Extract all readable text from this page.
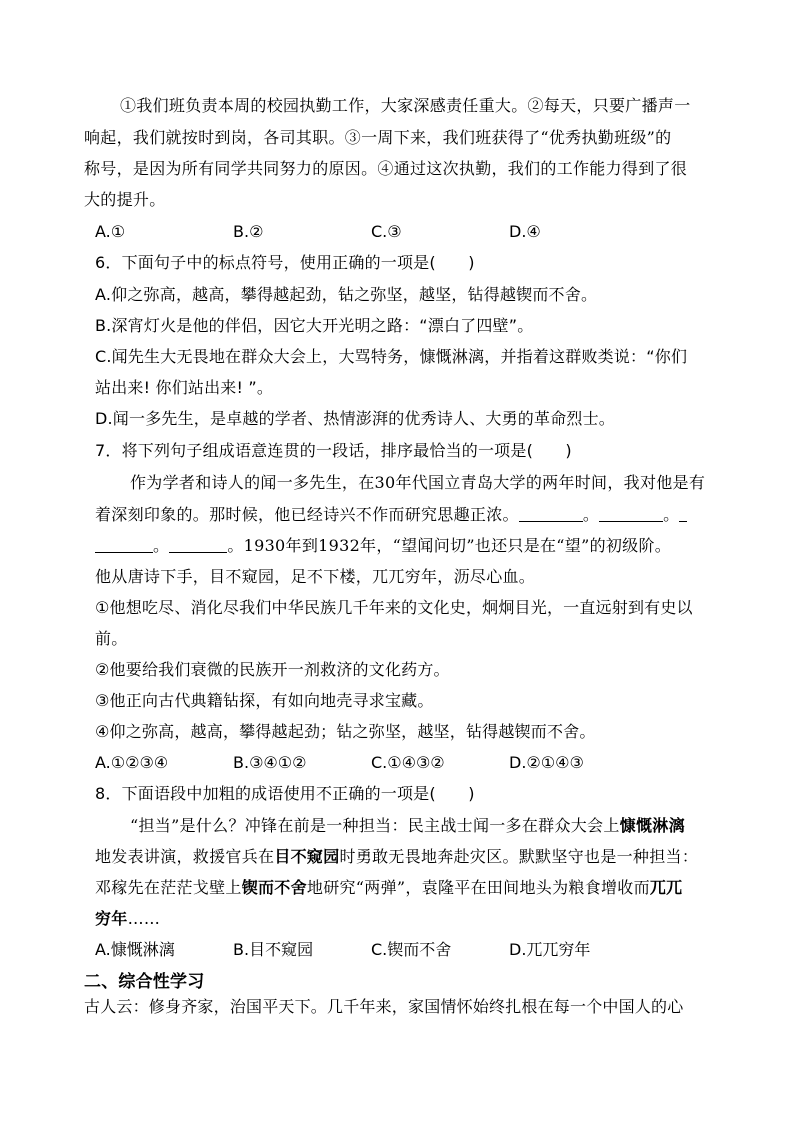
①我们班负责本周的校园执勤工作，大家深感责任重大。②每天，只要广播声一
响起，我们就按时到岗，各司其职。③一周下来，我们班获得了“优秀执勤班级”的
称号，是因为所有同学共同努力的原因。④通过这次执勤，我们的工作能力得到了很
大的提升。
A.①	B.②	C.③	D.④
6．下面句子中的标点符号，使用正确的一项是(　　)
A.仰之弥高，越高，攀得越起劲，钻之弥坚，越坚，钻得越锲而不舍。
B.深宵灯火是他的伴侣，因它大开光明之路：“漂白了四壁”。
C.闻先生大无畏地在群众大会上，大骂特务，慷慨淋漓，并指着这群败类说：“你们
站出来! 你们站出来! ”。
D.闻一多先生，是卓越的学者、热情澎湃的优秀诗人、大勇的革命烈士。
7．将下列句子组成语意连贯的一段话，排序最恰当的一项是(　　)
作为学者和诗人的闻一多先生，在30年代国立青岛大学的两年时间，我对他是有
着深刻印象的。那时候，他已经诗兴不作而研究思趣正浓。	。	。
。	。1930年到1932年，“望闻问切”也还只是在“望”的初级阶。
他从唐诗下手，目不窥园，足不下楼，兀兀穷年，沥尽心血。
①他想吃尽、消化尽我们中华民族几千年来的文化史，炯炯目光，一直远射到有史以
前。
②他要给我们衰微的民族开一剂救济的文化药方。
③他正向古代典籍钻探，有如向地壳寻求宝藏。
④仰之弥高，越高，攀得越起劲；钻之弥坚，越坚，钻得越锲而不舍。
A.①②③④	B.③④①②	C.①④③②	D.②①④③
8．下面语段中加粗的成语使用不正确的一项是(　　)
“担当”是什么？冲锋在前是一种担当：民主战士闻一多在群众大会上慷慨淋漓
地发表讲演，救援官兵在目不窥园时勇敢无畏地奔赴灾区。默默坚守也是一种担当：
邓稼先在茫茫戈壁上锲而不舍地研究“两弹”，袁隆平在田间地头为粮食增收而兀兀
穷年……
A.慷慨淋漓	B.目不窥园	C.锲而不舍	D.兀兀穷年
二、综合性学习
古人云：修身齐家，治国平天下。几千年来，家国情怀始终扎根在每一个中国人的心
